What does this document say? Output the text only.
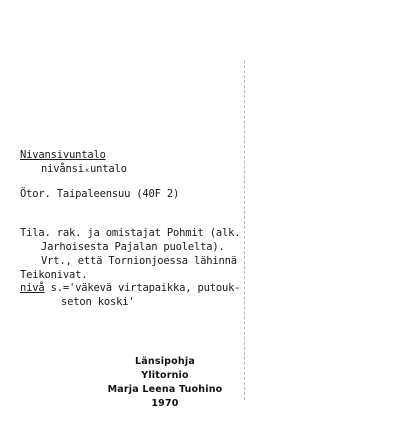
Nivansivuntalo
nivånsiₓuntalo
Ötor. Taipaleensuu (40F 2)
Tila. rak. ja omistajat Pohmit (alk.
Jarhoisesta Pajalan puolelta).
Vrt., että Tornionjoessa lähinnä
Teikonivat.
nivå s.='väkevä virtapaikka, putouk-
seton koski'
Länsipohja
Ylitornio
Marja Leena Tuohino
1970
